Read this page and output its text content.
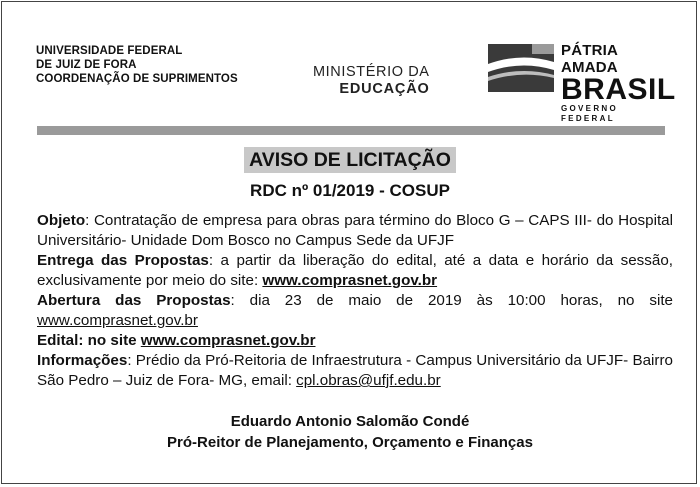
UNIVERSIDADE FEDERAL
DE JUIZ DE FORA
COORDENAÇÃO DE SUPRIMENTOS	MINISTÉRIO DA
EDUCAÇÃO
PÁTRIA AMADA
BRASIL
GOVERNO FEDERAL
AVISO DE LICITAÇÃO
RDC nº 01/2019 - COSUP

Objeto: Contratação de empresa para obras para término do Bloco G – CAPS III- do Hospital Universitário- Unidade Dom Bosco no Campus Sede da UFJF

Entrega das Propostas: a partir da liberação do edital, até a data e horário da sessão, exclusivamente por meio do site: www.comprasnet.gov.br

Abertura das Propostas: dia 23 de maio de 2019 às 10:00 horas, no site www.comprasnet.gov.br

Edital: no site www.comprasnet.gov.br

Informações: Prédio da Pró-Reitoria de Infraestrutura - Campus Universitário da UFJF- Bairro São Pedro – Juiz de Fora- MG, email: cpl.obras@ufjf.edu.br

Eduardo Antonio Salomão Condé
Pró-Reitor de Planejamento, Orçamento e Finanças
